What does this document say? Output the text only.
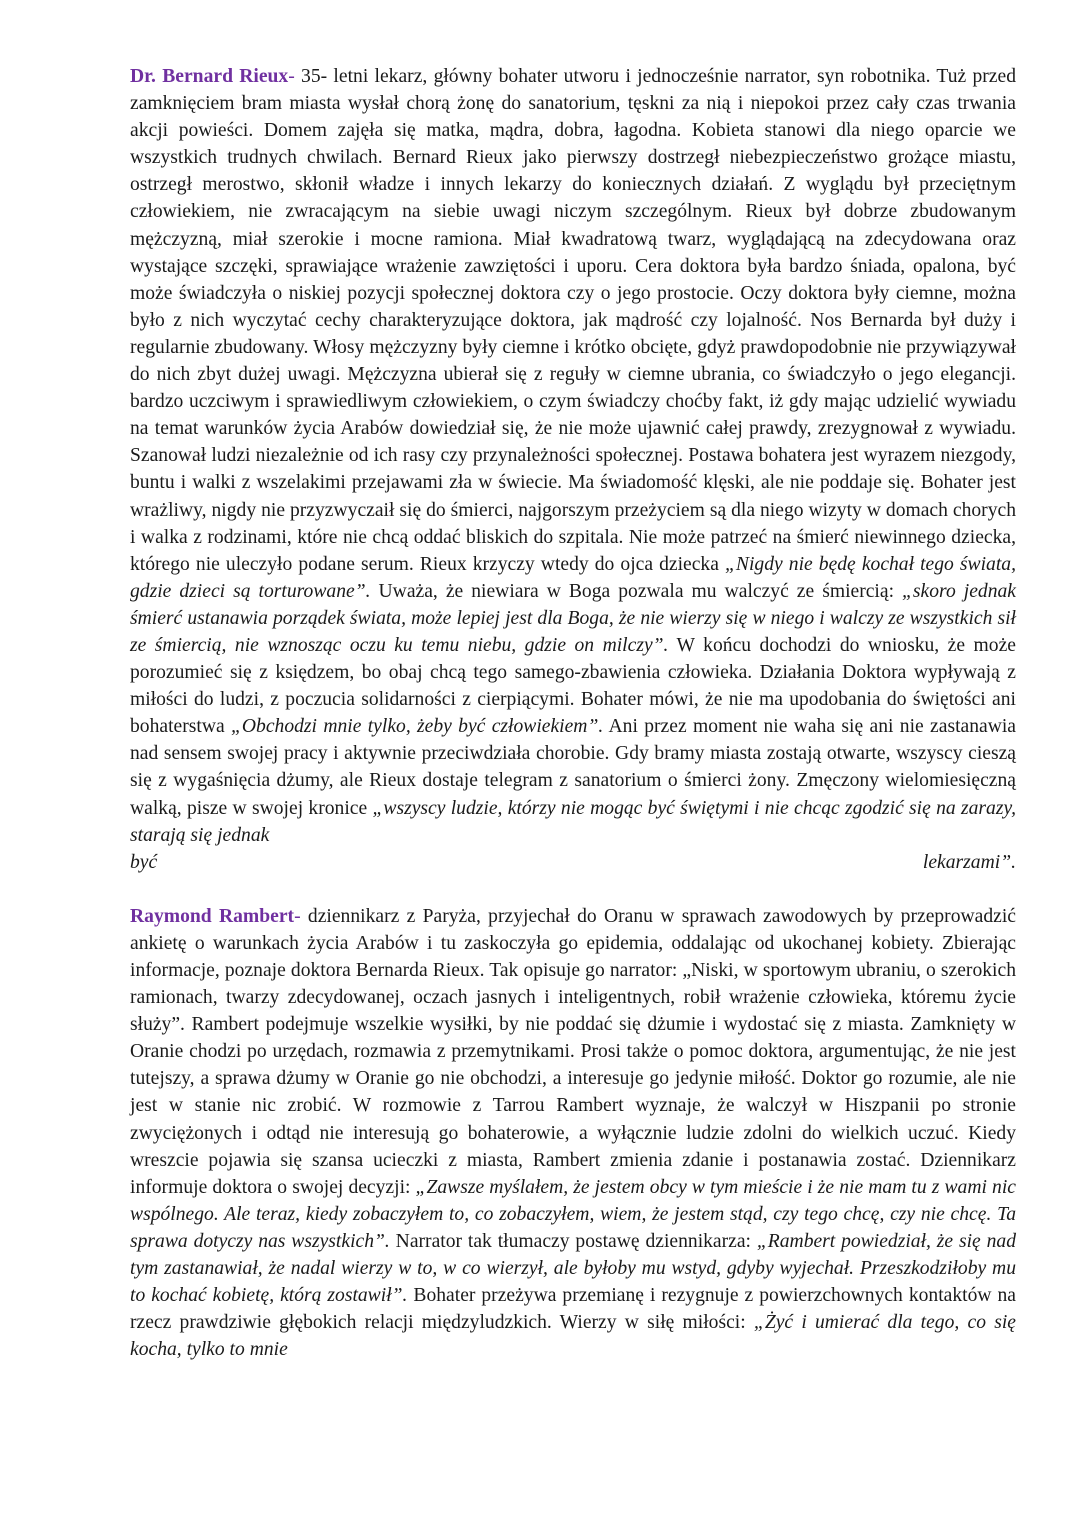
Dr. Bernard Rieux- 35- letni lekarz, główny bohater utworu i jednocześnie narrator, syn robotnika. Tuż przed zamknięciem bram miasta wysłał chorą żonę do sanatorium, tęskni za nią i niepokoi przez cały czas trwania akcji powieści. Domem zajęła się matka, mądra, dobra, łagodna. Kobieta stanowi dla niego oparcie we wszystkich trudnych chwilach. Bernard Rieux jako pierwszy dostrzegł niebezpieczeństwo grożące miastu, ostrzegł merostwo, skłonił władze i innych lekarzy do koniecznych działań. Z wyglądu był przeciętnym człowiekiem, nie zwracającym na siebie uwagi niczym szczególnym. Rieux był dobrze zbudowanym mężczyzną, miał szerokie i mocne ramiona. Miał kwadratową twarz, wyglądającą na zdecydowana oraz wystające szczęki, sprawiające wrażenie zawziętości i uporu. Cera doktora była bardzo śniada, opalona, być może świadczyła o niskiej pozycji społecznej doktora czy o jego prostocie. Oczy doktora były ciemne, można było z nich wyczytać cechy charakteryzujące doktora, jak mądrość czy lojalność. Nos Bernarda był duży i regularnie zbudowany. Włosy mężczyzny były ciemne i krótko obcięte, gdyż prawdopodobnie nie przywiązywał do nich zbyt dużej uwagi. Mężczyzna ubierał się z reguły w ciemne ubrania, co świadczyło o jego elegancji. bardzo uczciwym i sprawiedliwym człowiekiem, o czym świadczy choćby fakt, iż gdy mając udzielić wywiadu na temat warunków życia Arabów dowiedział się, że nie może ujawnić całej prawdy, zrezygnował z wywiadu. Szanował ludzi niezależnie od ich rasy czy przynależności społecznej. Postawa bohatera jest wyrazem niezgody, buntu i walki z wszelakimi przejawami zła w świecie. Ma świadomość klęski, ale nie poddaje się. Bohater jest wrażliwy, nigdy nie przyzwyczaił się do śmierci, najgorszym przeżyciem są dla niego wizyty w domach chorych i walka z rodzinami, które nie chcą oddać bliskich do szpitala. Nie może patrzeć na śmierć niewinnego dziecka, którego nie uleczyło podane serum. Rieux krzyczy wtedy do ojca dziecka „Nigdy nie będę kochał tego świata, gdzie dzieci są torturowane”. Uważa, że niewiara w Boga pozwala mu walczyć ze śmiercią: „skoro jednak śmierć ustanawia porządek świata, może lepiej jest dla Boga, że nie wierzy się w niego i walczy ze wszystkich sił ze śmiercią, nie wznosząc oczu ku temu niebu, gdzie on milczy”. W końcu dochodzi do wniosku, że może porozumieć się z księdzem, bo obaj chcą tego samego-zbawienia człowieka. Działania Doktora wypływają z miłości do ludzi, z poczucia solidarności z cierpiącymi. Bohater mówi, że nie ma upodobania do świętości ani bohaterstwa „Obchodzi mnie tylko, żeby być człowiekiem”. Ani przez moment nie waha się ani nie zastanawia nad sensem swojej pracy i aktywnie przeciwdziała chorobie. Gdy bramy miasta zostają otwarte, wszyscy cieszą się z wygaśnięcia dżumy, ale Rieux dostaje telegram z sanatorium o śmierci żony. Zmęczony wielomiesięczną walką, pisze w swojej kronice „wszyscy ludzie, którzy nie mogąc być świętymi i nie chcąc zgodzić się na zarazy, starają się jednak

być	lekarzami”.

Raymond Rambert- dziennikarz z Paryża, przyjechał do Oranu w sprawach zawodowych by przeprowadzić ankietę o warunkach życia Arabów i tu zaskoczyła go epidemia, oddalając od ukochanej kobiety. Zbierając informacje, poznaje doktora Bernarda Rieux. Tak opisuje go narrator: „Niski, w sportowym ubraniu, o szerokich ramionach, twarzy zdecydowanej, oczach jasnych i inteligentnych, robił wrażenie człowieka, któremu życie służy”. Rambert podejmuje wszelkie wysiłki, by nie poddać się dżumie i wydostać się z miasta. Zamknięty w Oranie chodzi po urzędach, rozmawia z przemytnikami. Prosi także o pomoc doktora, argumentując, że nie jest tutejszy, a sprawa dżumy w Oranie go nie obchodzi, a interesuje go jedynie miłość. Doktor go rozumie, ale nie jest w stanie nic zrobić. W rozmowie z Tarrou Rambert wyznaje, że walczył w Hiszpanii po stronie zwyciężonych i odtąd nie interesują go bohaterowie, a wyłącznie ludzie zdolni do wielkich uczuć. Kiedy wreszcie pojawia się szansa ucieczki z miasta, Rambert zmienia zdanie i postanawia zostać. Dziennikarz informuje doktora o swojej decyzji: „Zawsze myślałem, że jestem obcy w tym mieście i że nie mam tu z wami nic wspólnego. Ale teraz, kiedy zobaczyłem to, co zobaczyłem, wiem, że jestem stąd, czy tego chcę, czy nie chcę. Ta sprawa dotyczy nas wszystkich”. Narrator tak tłumaczy postawę dziennikarza: „Rambert powiedział, że się nad tym zastanawiał, że nadal wierzy w to, w co wierzył, ale byłoby mu wstyd, gdyby wyjechał. Przeszkodziłoby mu to kochać kobietę, którą zostawił”. Bohater przeżywa przemianę i rezygnuje z powierzchownych kontaktów na rzecz prawdziwie głębokich relacji międzyludzkich. Wierzy w siłę miłości: „Żyć i umierać dla tego, co się kocha, tylko to mnie
